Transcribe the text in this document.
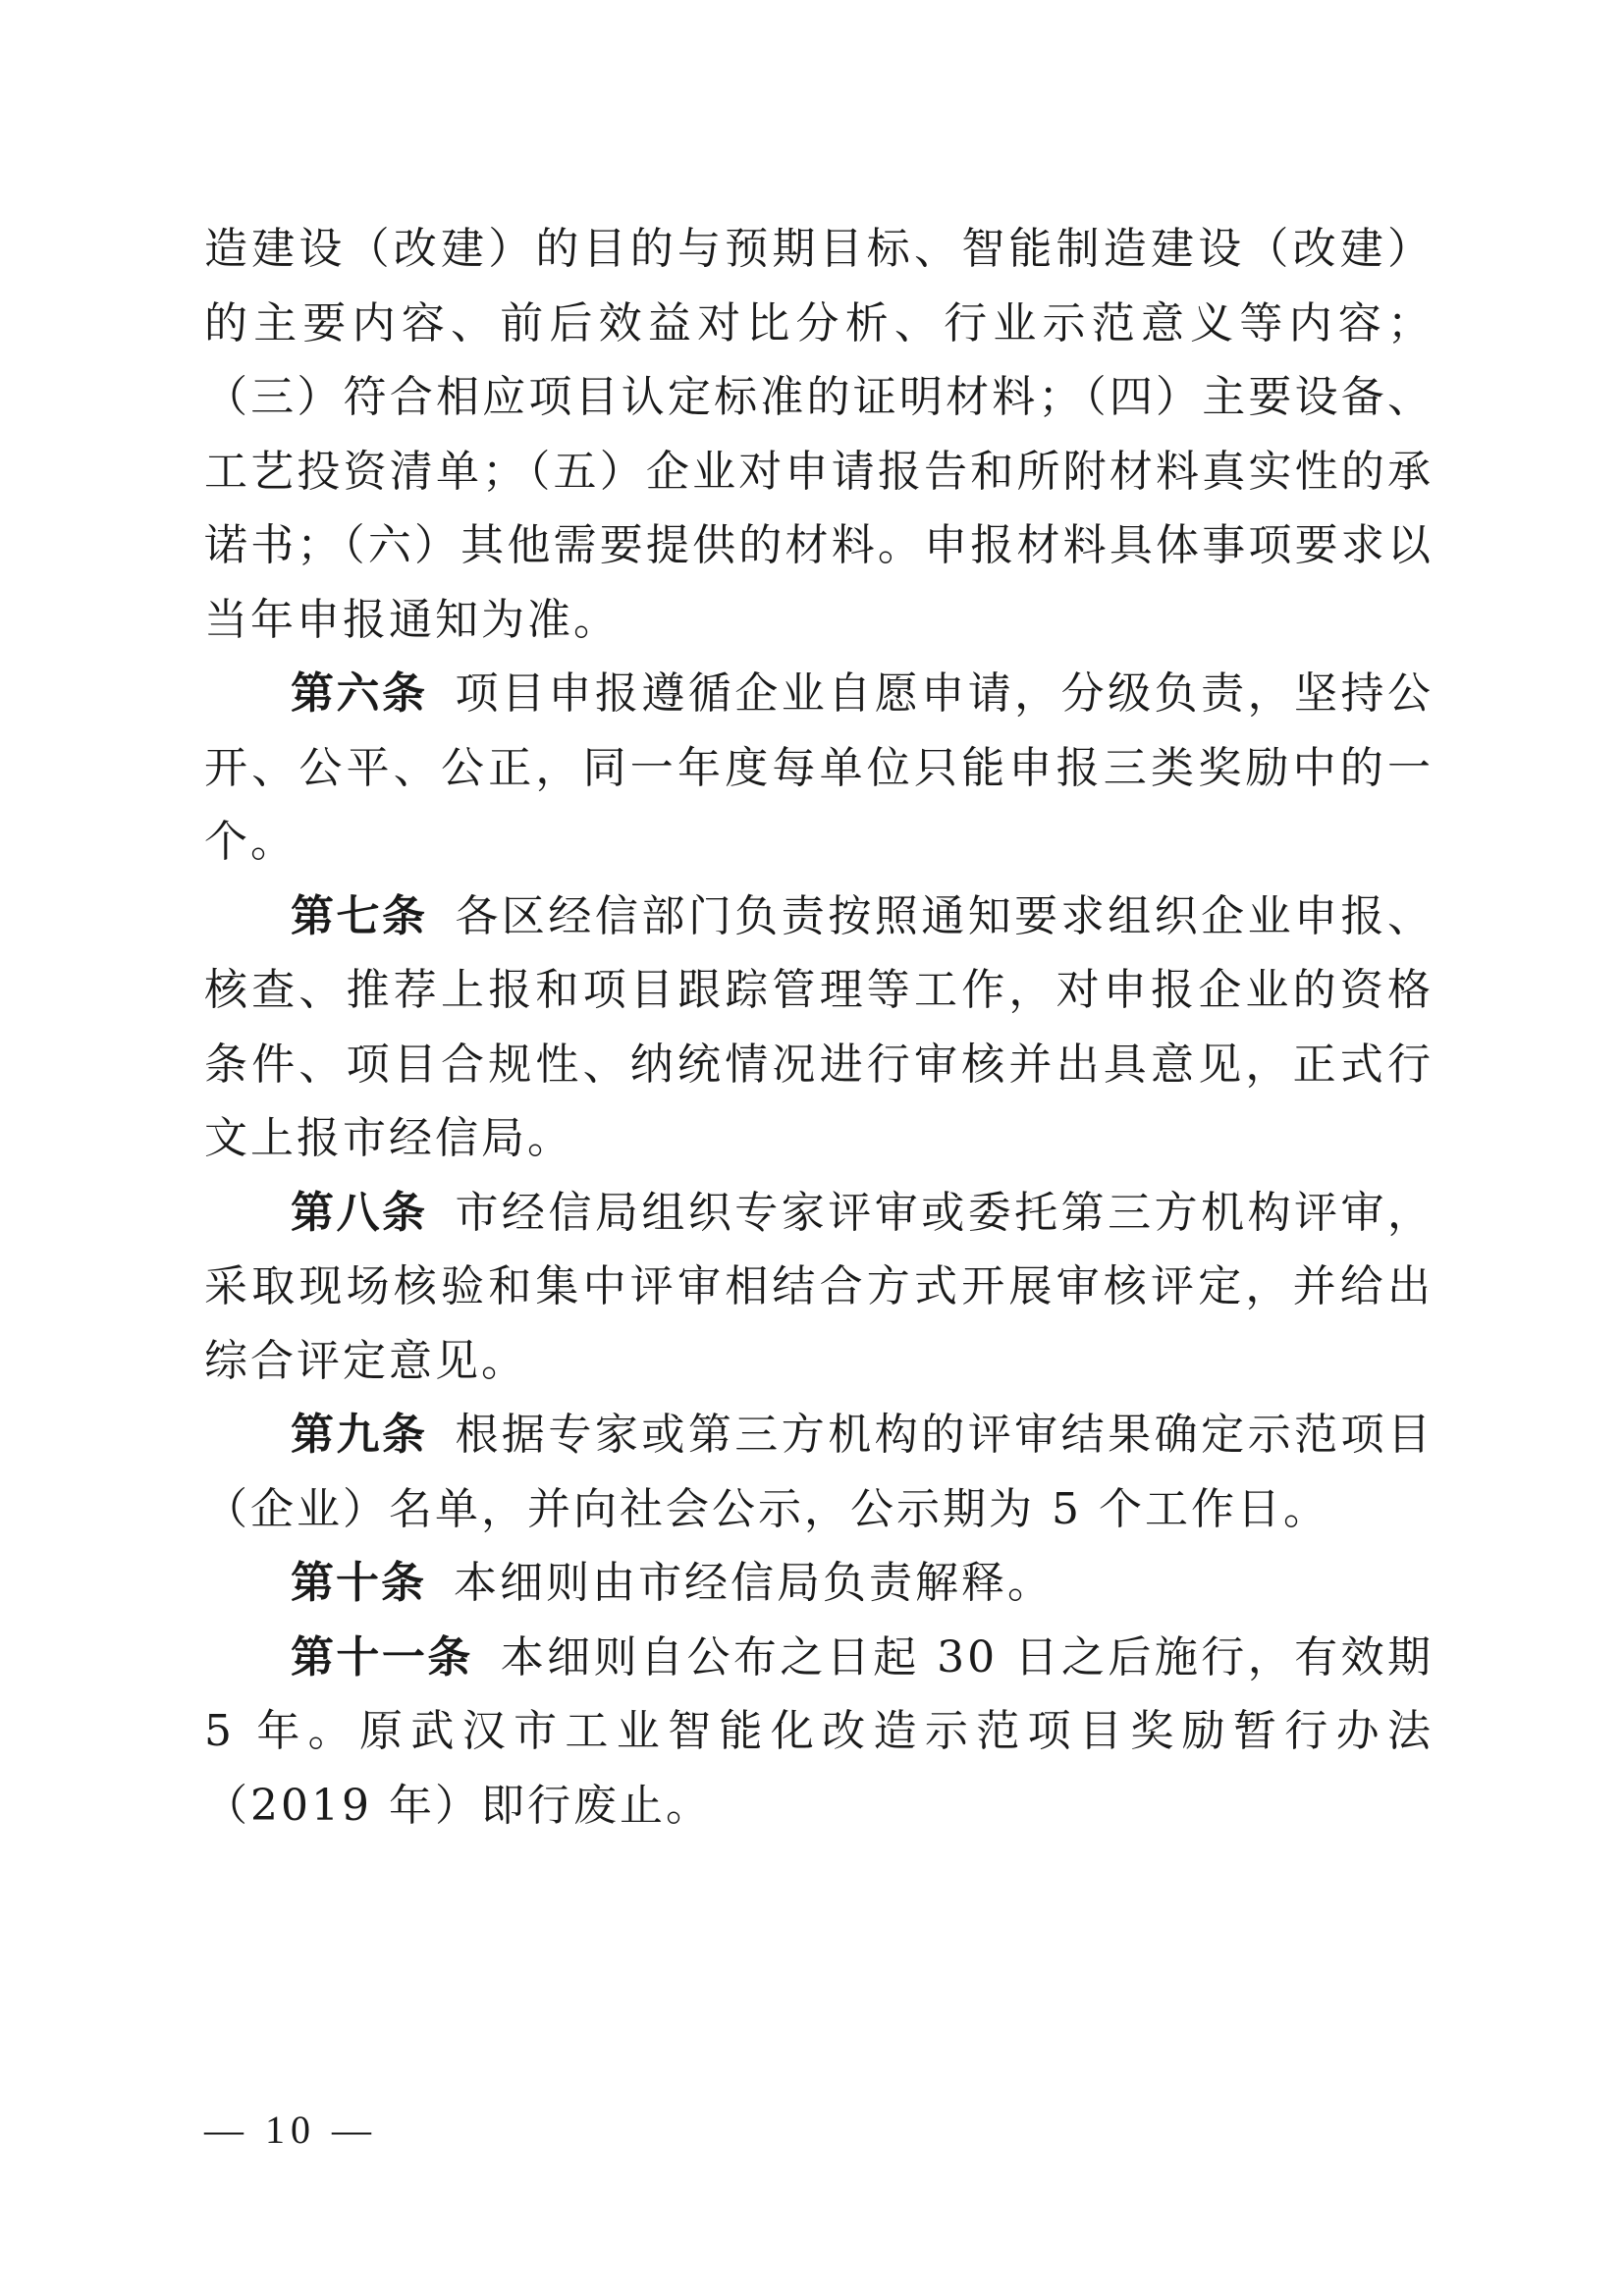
造建设（改建）的目的与预期目标、智能制造建设（改建）的主要内容、前后效益对比分析、行业示范意义等内容；（三）符合相应项目认定标准的证明材料；（四）主要设备、工艺投资清单；（五）企业对申请报告和所附材料真实性的承诺书；（六）其他需要提供的材料。申报材料具体事项要求以当年申报通知为准。

第六条 项目申报遵循企业自愿申请，分级负责，坚持公开、公平、公正，同一年度每单位只能申报三类奖励中的一个。

第七条 各区经信部门负责按照通知要求组织企业申报、核查、推荐上报和项目跟踪管理等工作，对申报企业的资格条件、项目合规性、纳统情况进行审核并出具意见，正式行文上报市经信局。

第八条 市经信局组织专家评审或委托第三方机构评审，采取现场核验和集中评审相结合方式开展审核评定，并给出综合评定意见。

第九条 根据专家或第三方机构的评审结果确定示范项目（企业）名单，并向社会公示，公示期为 5 个工作日。

第十条 本细则由市经信局负责解释。

第十一条 本细则自公布之日起 30 日之后施行，有效期 5 年。原武汉市工业智能化改造示范项目奖励暂行办法（2019 年）即行废止。

— 10 —
